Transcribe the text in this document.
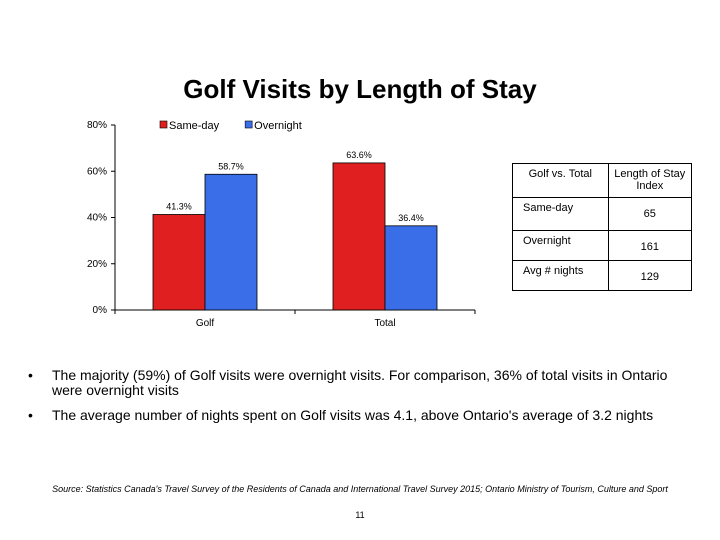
Golf Visits by Length of Stay
0%
20%
40%
60%
80%
41.3%
58.7%
Golf
63.6%
36.4%
Total
Same-day	Overnight
Golf vs. Total	Length of Stay Index
Same-day	65
Overnight	161
Avg # nights	129
• The majority (59%) of Golf visits were overnight visits. For comparison, 36% of total visits in Ontario were overnight visits
• The average number of nights spent on Golf visits was 4.1, above Ontario's average of 3.2 nights
Source: Statistics Canada's Travel Survey of the Residents of Canada and International Travel Survey 2015; Ontario Ministry of Tourism, Culture and Sport
11
